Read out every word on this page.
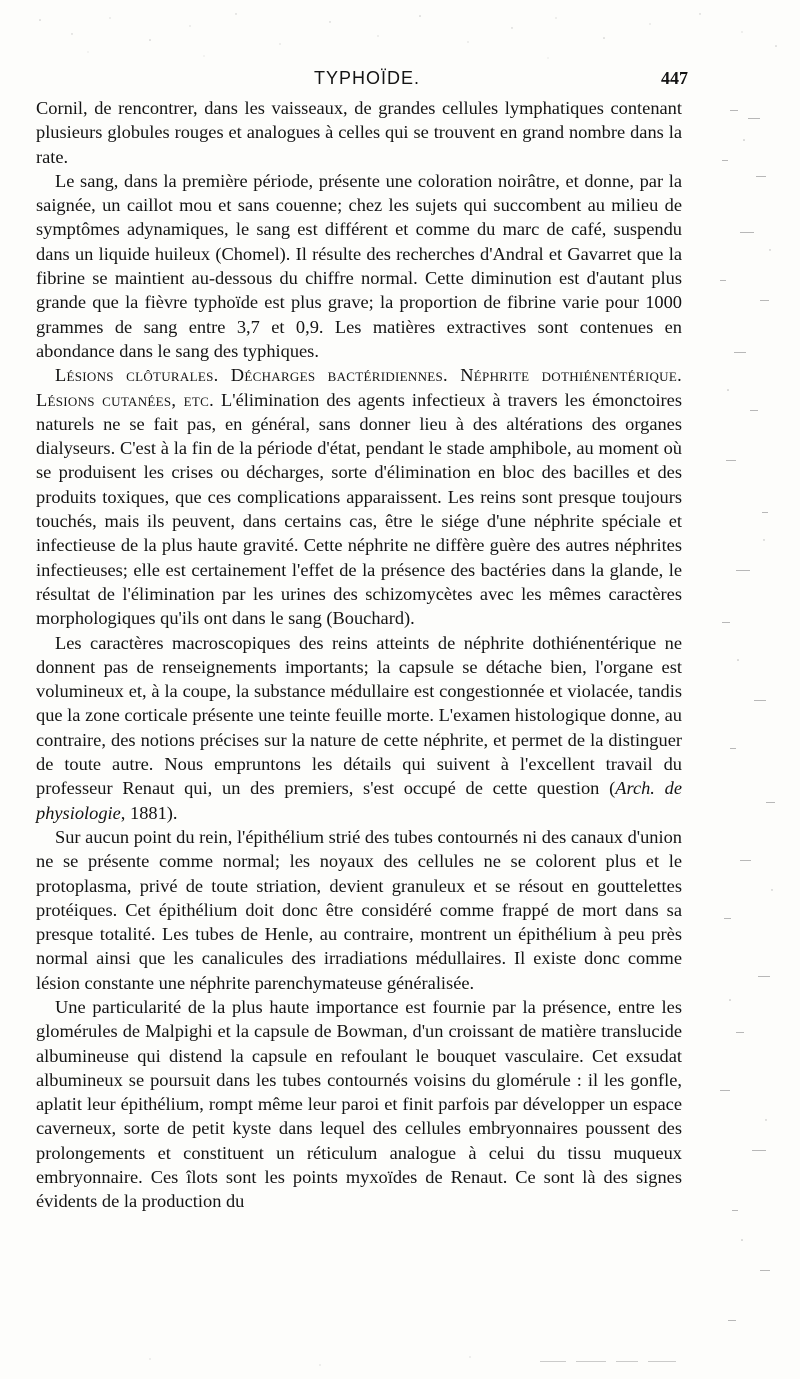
TYPHOÏDE.	447

Cornil, de rencontrer, dans les vaisseaux, de grandes cellules lymphatiques contenant plusieurs globules rouges et analogues à celles qui se trouvent en grand nombre dans la rate.

Le sang, dans la première période, présente une coloration noirâtre, et donne, par la saignée, un caillot mou et sans couenne; chez les sujets qui succombent au milieu de symptômes adynamiques, le sang est différent et comme du marc de café, suspendu dans un liquide huileux (Chomel). Il résulte des recherches d'Andral et Gavarret que la fibrine se maintient au-dessous du chiffre normal. Cette diminution est d'autant plus grande que la fièvre typhoïde est plus grave; la proportion de fibrine varie pour 1000 grammes de sang entre 3,7 et 0,9. Les matières extractives sont contenues en abondance dans le sang des typhiques.

Lésions clôturales. Décharges bactéridiennes. Néphrite dothiénentérique. Lésions cutanées, etc. L'élimination des agents infectieux à travers les émonctoires naturels ne se fait pas, en général, sans donner lieu à des altérations des organes dialyseurs. C'est à la fin de la période d'état, pendant le stade amphibole, au moment où se produisent les crises ou décharges, sorte d'élimination en bloc des bacilles et des produits toxiques, que ces complications apparaissent. Les reins sont presque toujours touchés, mais ils peuvent, dans certains cas, être le siége d'une néphrite spéciale et infectieuse de la plus haute gravité. Cette néphrite ne diffère guère des autres néphrites infectieuses; elle est certainement l'effet de la présence des bactéries dans la glande, le résultat de l'élimination par les urines des schizomycètes avec les mêmes caractères morphologiques qu'ils ont dans le sang (Bouchard).

Les caractères macroscopiques des reins atteints de néphrite dothiénentérique ne donnent pas de renseignements importants; la capsule se détache bien, l'organe est volumineux et, à la coupe, la substance médullaire est congestionnée et violacée, tandis que la zone corticale présente une teinte feuille morte. L'examen histologique donne, au contraire, des notions précises sur la nature de cette néphrite, et permet de la distinguer de toute autre. Nous empruntons les détails qui suivent à l'excellent travail du professeur Renaut qui, un des premiers, s'est occupé de cette question (Arch. de physiologie, 1881).

Sur aucun point du rein, l'épithélium strié des tubes contournés ni des canaux d'union ne se présente comme normal; les noyaux des cellules ne se colorent plus et le protoplasma, privé de toute striation, devient granuleux et se résout en gouttelettes protéiques. Cet épithélium doit donc être considéré comme frappé de mort dans sa presque totalité. Les tubes de Henle, au contraire, montrent un épithélium à peu près normal ainsi que les canalicules des irradiations médullaires. Il existe donc comme lésion constante une néphrite parenchymateuse généralisée.

Une particularité de la plus haute importance est fournie par la présence, entre les glomérules de Malpighi et la capsule de Bowman, d'un croissant de matière translucide albumineuse qui distend la capsule en refoulant le bouquet vasculaire. Cet exsudat albumineux se poursuit dans les tubes contournés voisins du glomérule : il les gonfle, aplatit leur épithélium, rompt même leur paroi et finit parfois par développer un espace caverneux, sorte de petit kyste dans lequel des cellules embryonnaires poussent des prolongements et constituent un réticulum analogue à celui du tissu muqueux embryonnaire. Ces îlots sont les points myxoïdes de Renaut. Ce sont là des signes évidents de la production du
